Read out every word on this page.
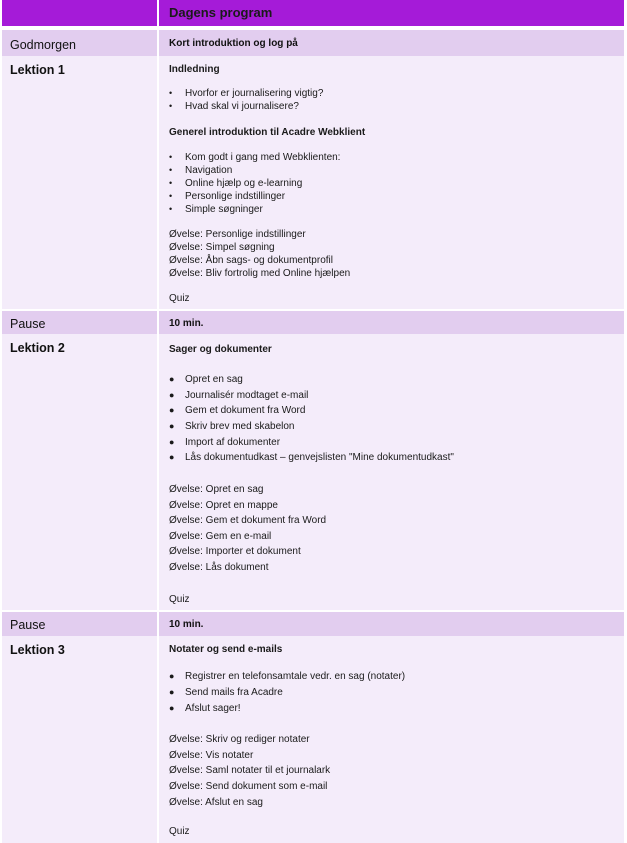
Dagens program
Godmorgen	Kort introduktion og log på
Lektion 1	Indledning
• Hvorfor er journalisering vigtig?
• Hvad skal vi journalisere?
Generel introduktion til Acadre Webklient
• Kom godt i gang med Webklienten:
• Navigation
• Online hjælp og e-learning
• Personlige indstillinger
• Simple søgninger
Øvelse: Personlige indstillinger
Øvelse: Simpel søgning
Øvelse: Åbn sags- og dokumentprofil
Øvelse: Bliv fortrolig med Online hjælpen
Quiz
Pause	10 min.
Lektion 2	Sager og dokumenter
● Opret en sag
● Journalisér modtaget e-mail
● Gem et dokument fra Word
● Skriv brev med skabelon
● Import af dokumenter
● Lås dokumentudkast – genvejslisten "Mine dokumentudkast"
Øvelse: Opret en sag
Øvelse: Opret en mappe
Øvelse: Gem et dokument fra Word
Øvelse: Gem en e-mail
Øvelse: Importer et dokument
Øvelse: Lås dokument
Quiz
Pause	10 min.
Lektion 3	Notater og send e-mails
● Registrer en telefonsamtale vedr. en sag (notater)
● Send mails fra Acadre
● Afslut sager!
Øvelse: Skriv og rediger notater
Øvelse: Vis notater
Øvelse: Saml notater til et journalark
Øvelse: Send dokument som e-mail
Øvelse: Afslut en sag
Quiz
